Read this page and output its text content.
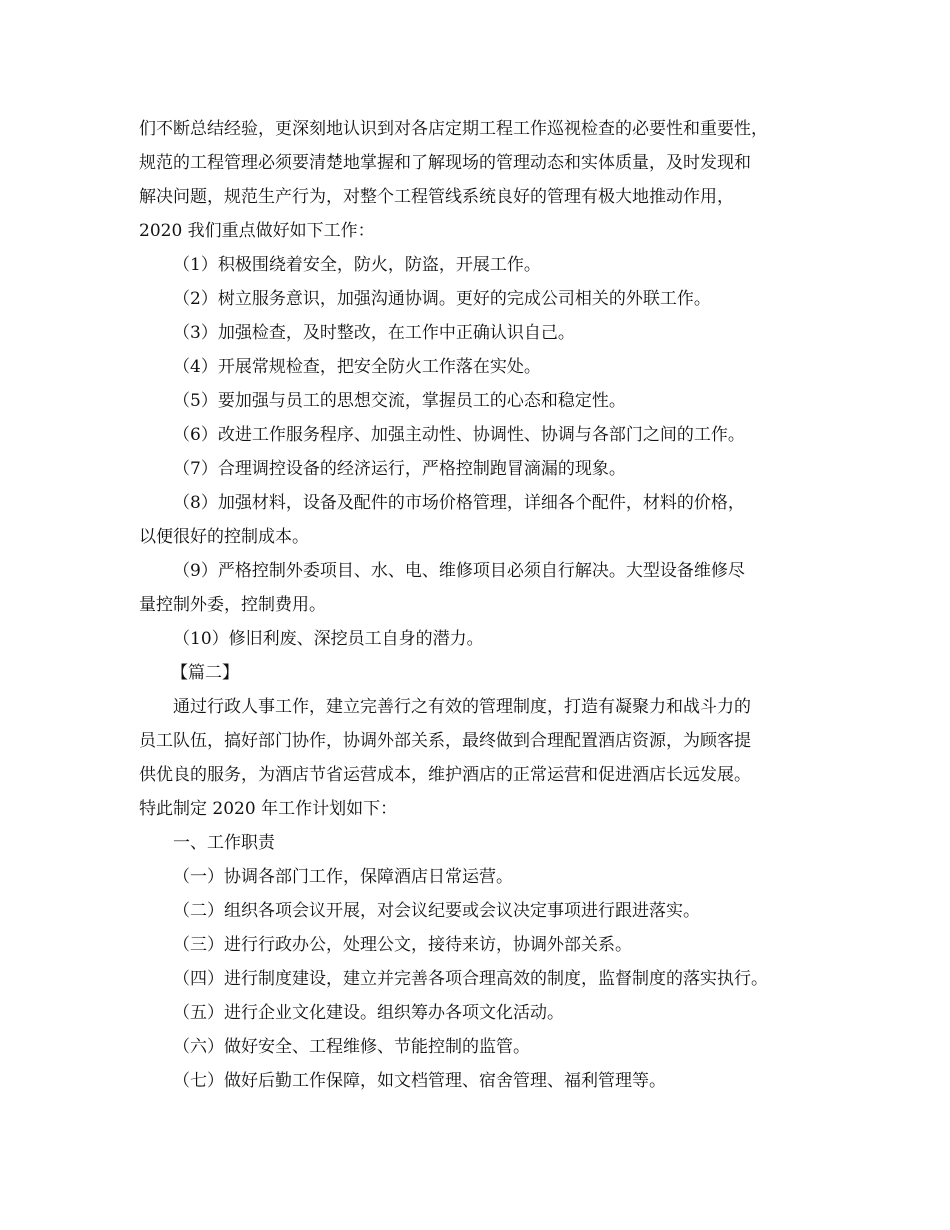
们不断总结经验，更深刻地认识到对各店定期工程工作巡视检查的必要性和重要性，
规范的工程管理必须要清楚地掌握和了解现场的管理动态和实体质量，及时发现和
解决问题，规范生产行为，对整个工程管线系统良好的管理有极大地推动作用，
2020 我们重点做好如下工作：
（1）积极围绕着安全，防火，防盗，开展工作。
（2）树立服务意识，加强沟通协调。更好的完成公司相关的外联工作。
（3）加强检查，及时整改，在工作中正确认识自己。
（4）开展常规检查，把安全防火工作落在实处。
（5）要加强与员工的思想交流，掌握员工的心态和稳定性。
（6）改进工作服务程序、加强主动性、协调性、协调与各部门之间的工作。
（7）合理调控设备的经济运行，严格控制跑冒滴漏的现象。
（8）加强材料，设备及配件的市场价格管理，详细各个配件，材料的价格，
以便很好的控制成本。
（9）严格控制外委项目、水、电、维修项目必须自行解决。大型设备维修尽
量控制外委，控制费用。
（10）修旧利废、深挖员工自身的潜力。
【篇二】
通过行政人事工作，建立完善行之有效的管理制度，打造有凝聚力和战斗力的
员工队伍，搞好部门协作，协调外部关系，最终做到合理配置酒店资源，为顾客提
供优良的服务，为酒店节省运营成本，维护酒店的正常运营和促进酒店长远发展。
特此制定 2020 年工作计划如下：
一、工作职责
（一）协调各部门工作，保障酒店日常运营。
（二）组织各项会议开展，对会议纪要或会议决定事项进行跟进落实。
（三）进行行政办公，处理公文，接待来访，协调外部关系。
（四）进行制度建设，建立并完善各项合理高效的制度，监督制度的落实执行。
（五）进行企业文化建设。组织筹办各项文化活动。
（六）做好安全、工程维修、节能控制的监管。
（七）做好后勤工作保障，如文档管理、宿舍管理、福利管理等。
